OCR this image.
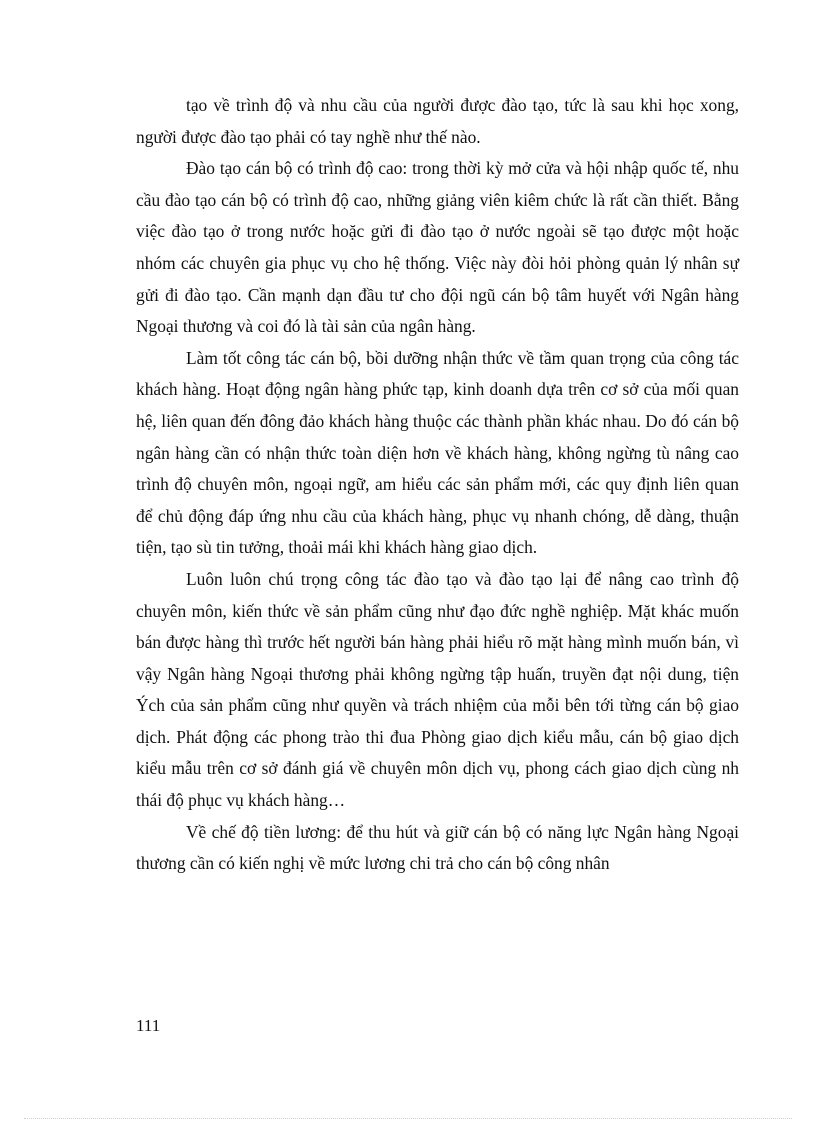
tạo về trình độ và nhu cầu của người được đào tạo, tức là sau khi học xong, người được đào tạo phải có tay nghề như thế nào.

Đào tạo cán bộ có trình độ cao: trong thời kỳ mở cửa và hội nhập quốc tế, nhu cầu đào tạo cán bộ có trình độ cao, những giảng viên kiêm chức là rất cần thiết. Bằng việc đào tạo ở trong nước hoặc gửi đi đào tạo ở nước ngoài sẽ tạo được một hoặc nhóm các chuyên gia phục vụ cho hệ thống. Việc này đòi hỏi phòng quản lý nhân sự gửi đi đào tạo. Cần mạnh dạn đầu tư cho đội ngũ cán bộ tâm huyết với Ngân hàng Ngoại thương và coi đó là tài sản của ngân hàng.

Làm tốt công tác cán bộ, bồi dưỡng nhận thức về tầm quan trọng của công tác khách hàng. Hoạt động ngân hàng phức tạp, kinh doanh dựa trên cơ sở của mối quan hệ, liên quan đến đông đảo khách hàng thuộc các thành phần khác nhau. Do đó cán bộ ngân hàng cần có nhận thức toàn diện hơn về khách hàng, không ngừng tù nâng cao trình độ chuyên môn, ngoại ngữ, am hiểu các sản phẩm mới, các quy định liên quan để chủ động đáp ứng nhu cầu của khách hàng, phục vụ nhanh chóng, dễ dàng, thuận tiện, tạo sù tin tưởng, thoải mái khi khách hàng giao dịch.

Luôn luôn chú trọng công tác đào tạo và đào tạo lại để nâng cao trình độ chuyên môn, kiến thức về sản phẩm cũng như đạo đức nghề nghiệp. Mặt khác muốn bán được hàng thì trước hết người bán hàng phải hiểu rõ mặt hàng mình muốn bán, vì vậy Ngân hàng Ngoại thương phải không ngừng tập huấn, truyền đạt nội dung, tiện Ých của sản phẩm cũng như quyền và trách nhiệm của mỗi bên tới từng cán bộ giao dịch. Phát động các phong trào thi đua Phòng giao dịch kiểu mẫu, cán bộ giao dịch kiểu mẫu trên cơ sở đánh giá về chuyên môn dịch vụ, phong cách giao dịch cùng nh thái độ phục vụ khách hàng…

Về chế độ tiền lương: để thu hút và giữ cán bộ có năng lực Ngân hàng Ngoại thương cần có kiến nghị về mức lương chi trả cho cán bộ công nhân

111
